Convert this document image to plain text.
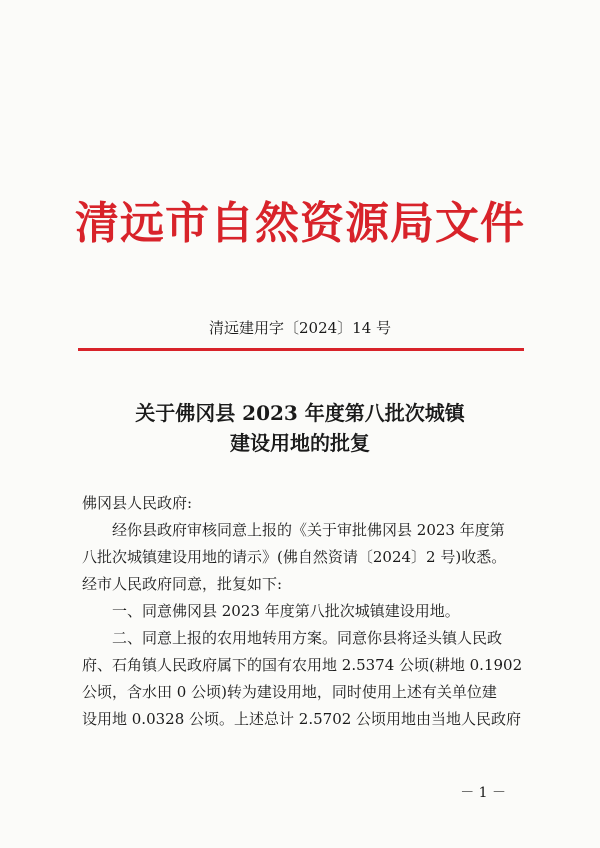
清远市自然资源局文件
清远建用字〔2024〕14 号
关于佛冈县 2023 年度第八批次城镇
建设用地的批复
佛冈县人民政府:
　　经你县政府审核同意上报的《关于审批佛冈县 2023 年度第
八批次城镇建设用地的请示》(佛自然资请〔2024〕2 号)收悉。
经市人民政府同意，批复如下:
　　一、同意佛冈县 2023 年度第八批次城镇建设用地。
　　二、同意上报的农用地转用方案。同意你县将迳头镇人民政
府、石角镇人民政府属下的国有农用地 2.5374 公顷(耕地 0.1902
公顷，含水田 0 公顷)转为建设用地，同时使用上述有关单位建
设用地 0.0328 公顷。上述总计 2.5702 公顷用地由当地人民政府
－ 1 －
